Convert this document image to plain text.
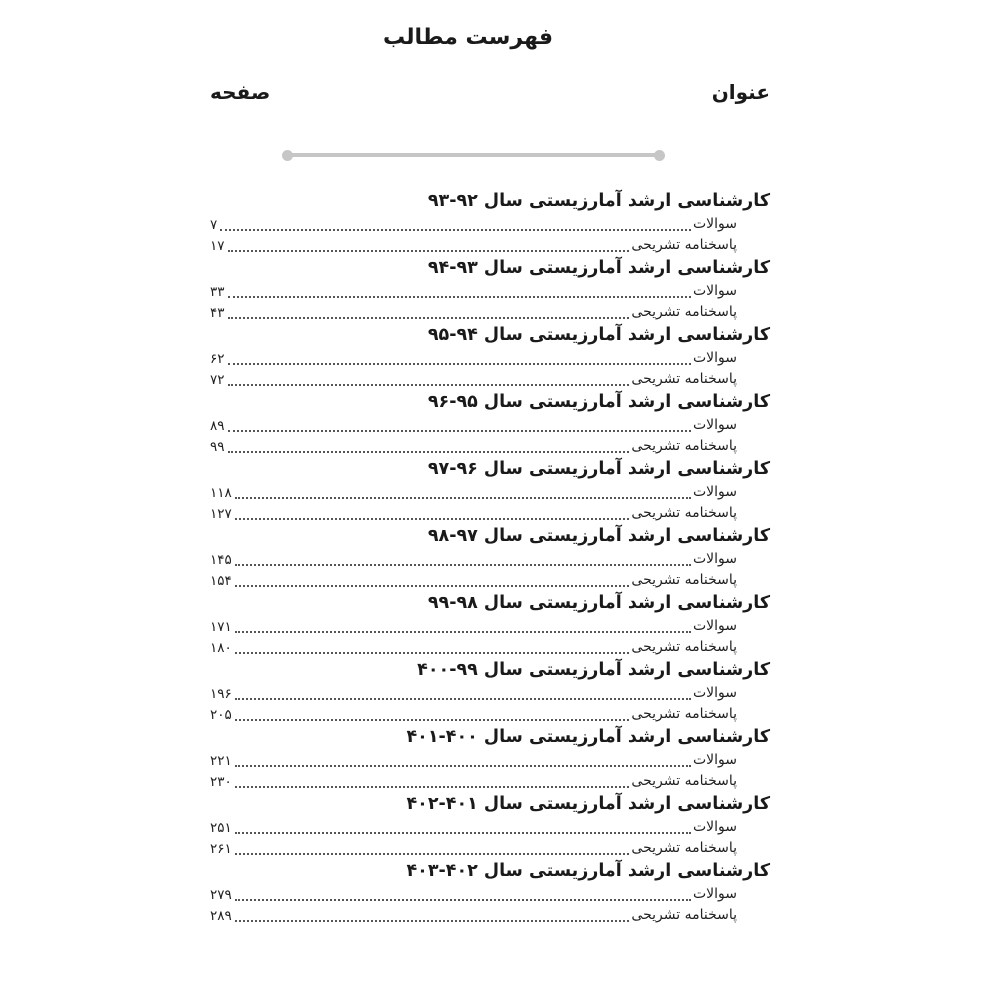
فهرست مطالب
عنوان
صفحه
کارشناسی ارشد آمارزیستی سال ۹۲-۹۳
سوالات
۷
پاسخنامه تشریحی
۱۷
کارشناسی ارشد آمارزیستی سال ۹۳-۹۴
سوالات
۳۳
پاسخنامه تشریحی
۴۳
کارشناسی ارشد آمارزیستی سال ۹۴-۹۵
سوالات
۶۲
پاسخنامه تشریحی
۷۲
کارشناسی ارشد آمارزیستی سال ۹۵-۹۶
سوالات
۸۹
پاسخنامه تشریحی
۹۹
کارشناسی ارشد آمارزیستی سال ۹۶-۹۷
سوالات
۱۱۸
پاسخنامه تشریحی
۱۲۷
کارشناسی ارشد آمارزیستی سال ۹۷-۹۸
سوالات
۱۴۵
پاسخنامه تشریحی
۱۵۴
کارشناسی ارشد آمارزیستی سال ۹۸-۹۹
سوالات
۱۷۱
پاسخنامه تشریحی
۱۸۰
کارشناسی ارشد آمارزیستی سال ۹۹-۴۰۰
سوالات
۱۹۶
پاسخنامه تشریحی
۲۰۵
کارشناسی ارشد آمارزیستی سال ۴۰۰-۴۰۱
سوالات
۲۲۱
پاسخنامه تشریحی
۲۳۰
کارشناسی ارشد آمارزیستی سال ۴۰۱-۴۰۲
سوالات
۲۵۱
پاسخنامه تشریحی
۲۶۱
کارشناسی ارشد آمارزیستی سال ۴۰۲-۴۰۳
سوالات
۲۷۹
پاسخنامه تشریحی
۲۸۹
